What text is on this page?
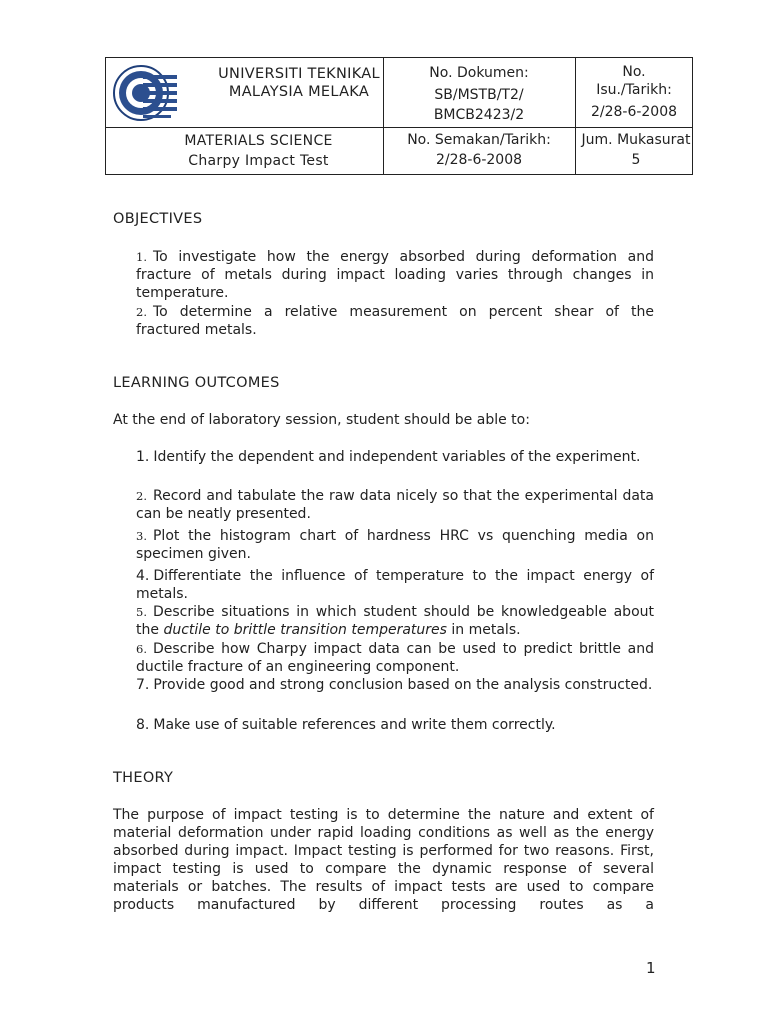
UNIVERSITI TEKNIKAL
MALAYSIA MELAKA
No. Dokumen:
SB/MSTB/T2/
BMCB2423/2
No.
Isu./Tarikh:
2/28-6-2008
MATERIALS SCIENCE
Charpy Impact Test
No. Semakan/Tarikh:
2/28-6-2008
Jum. Mukasurat
5
OBJECTIVES
1. To investigate how the energy absorbed during deformation and fracture of metals during impact loading varies through changes in temperature.
2. To determine a relative measurement on percent shear of the fractured metals.
LEARNING OUTCOMES
At the end of laboratory session, student should be able to:
1. Identify the dependent and independent variables of the experiment.
2. Record and tabulate the raw data nicely so that the experimental data can be neatly presented.
3. Plot the histogram chart of hardness HRC vs quenching media on specimen given.
4. Differentiate the influence of temperature to the impact energy of metals.
5. Describe situations in which student should be knowledgeable about the ductile to brittle transition temperatures in metals.
6. Describe how Charpy impact data can be used to predict brittle and ductile fracture of an engineering component.
7. Provide good and strong conclusion based on the analysis constructed.
8. Make use of suitable references and write them correctly.
THEORY
The purpose of impact testing is to determine the nature and extent of material deformation under rapid loading conditions as well as the energy absorbed during impact. Impact testing is performed for two reasons. First, impact testing is used to compare the dynamic response of several materials or batches. The results of impact tests are used to compare products manufactured by different processing routes as a
1
